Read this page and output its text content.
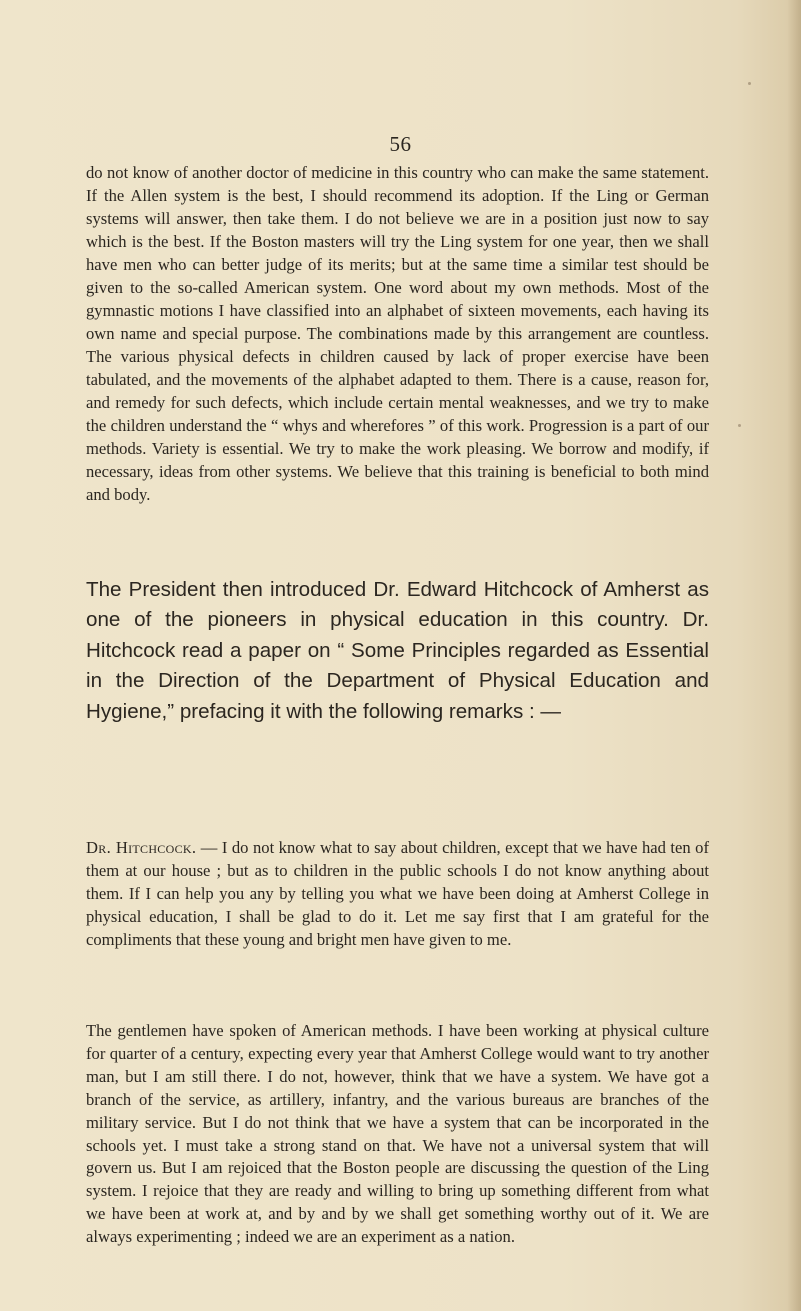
56

do not know of another doctor of medicine in this country who can make the same statement. If the Allen system is the best, I should recommend its adoption. If the Ling or German systems will answer, then take them. I do not believe we are in a position just now to say which is the best. If the Boston masters will try the Ling system for one year, then we shall have men who can better judge of its merits; but at the same time a similar test should be given to the so-called American system. One word about my own methods. Most of the gymnastic motions I have classified into an alphabet of sixteen movements, each having its own name and special purpose. The combinations made by this arrangement are countless. The various physical defects in children caused by lack of proper exercise have been tabulated, and the movements of the alphabet adapted to them. There is a cause, reason for, and remedy for such defects, which include certain mental weaknesses, and we try to make the children understand the “ whys and wherefores ” of this work. Progression is a part of our methods. Variety is essential. We try to make the work pleasing. We borrow and modify, if necessary, ideas from other systems. We believe that this training is beneficial to both mind and body.

The President then introduced Dr. Edward Hitchcock of Amherst as one of the pioneers in physical education in this country. Dr. Hitchcock read a paper on “ Some Principles regarded as Essential in the Direction of the Department of Physical Education and Hygiene,” prefacing it with the following remarks : —

Dr. Hitchcock. — I do not know what to say about children, except that we have had ten of them at our house ; but as to children in the public schools I do not know anything about them. If I can help you any by telling you what we have been doing at Amherst College in physical education, I shall be glad to do it. Let me say first that I am grateful for the compliments that these young and bright men have given to me.

The gentlemen have spoken of American methods. I have been working at physical culture for quarter of a century, expecting every year that Amherst College would want to try another man, but I am still there. I do not, however, think that we have a system. We have got a branch of the service, as artillery, infantry, and the various bureaus are branches of the military service. But I do not think that we have a system that can be incorporated in the schools yet. I must take a strong stand on that. We have not a universal system that will govern us. But I am rejoiced that the Boston people are discussing the question of the Ling system. I rejoice that they are ready and willing to bring up something different from what we have been at work at, and by and by we shall get something worthy out of it. We are always experimenting ; indeed we are an experiment as a nation.
